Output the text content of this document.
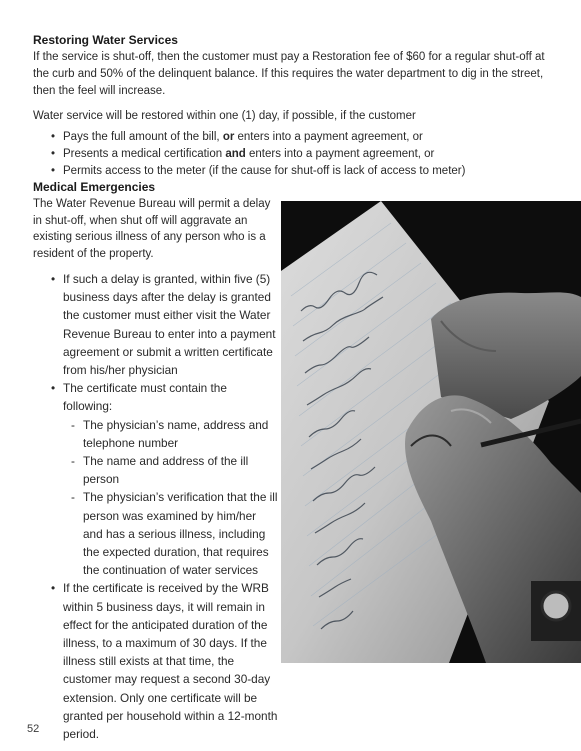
Restoring Water Services

If the service is shut-off, then the customer must pay a Restoration fee of $60 for a regular shut-off at the curb and 50% of the delinquent balance. If this requires the water department to dig in the street, then the feel will increase.

Water service will be restored within one (1) day, if possible, if the customer

• Pays the full amount of the bill, or enters into a payment agreement, or
• Presents a medical certification and enters into a payment agreement, or
• Permits access to the meter (if the cause for shut-off is lack of access to meter)
Medical Emergencies

The Water Revenue Bureau will permit a delay in shut-off, when shut off will aggravate an existing serious illness of any person who is a resident of the property.

• If such a delay is granted, within five (5) business days after the delay is granted the customer must either visit the Water Revenue Bureau to enter into a payment agreement or submit a written certificate from his/her physician
• The certificate must contain the following:
- The physician’s name, address and telephone number
- The name and address of the ill person
- The physician’s verification that the ill person was examined by him/her and has a serious illness, including the expected duration, that requires the continuation of water services
• If the certificate is received by the WRB within 5 business days, it will remain in effect for the anticipated duration of the illness, to a maximum of 30 days. If the illness still exists at that time, the customer may request a second 30-day extension. Only one certificate will be granted per household within a 12-month period.
52
